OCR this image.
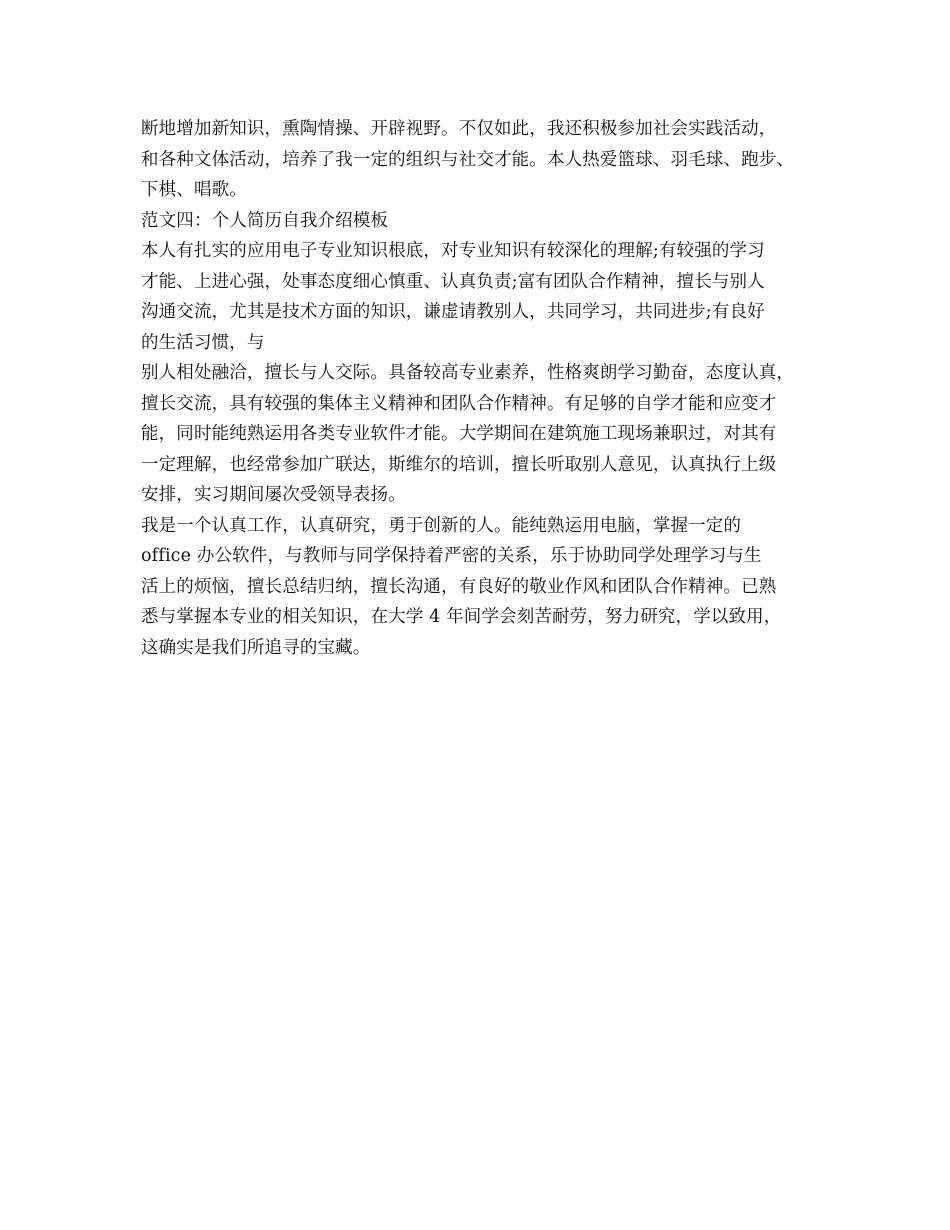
断地增加新知识，熏陶情操、开辟视野。不仅如此，我还积极参加社会实践活动，
和各种文体活动，培养了我一定的组织与社交才能。本人热爱篮球、羽毛球、跑步、
下棋、唱歌。
范文四：个人简历自我介绍模板
本人有扎实的应用电子专业知识根底，对专业知识有较深化的理解;有较强的学习
才能、上进心强，处事态度细心慎重、认真负责;富有团队合作精神，擅长与别人
沟通交流，尤其是技术方面的知识，谦虚请教别人，共同学习，共同进步;有良好
的生活习惯，与
别人相处融洽，擅长与人交际。具备较高专业素养，性格爽朗学习勤奋，态度认真，
擅长交流，具有较强的集体主义精神和团队合作精神。有足够的自学才能和应变才
能，同时能纯熟运用各类专业软件才能。大学期间在建筑施工现场兼职过，对其有
一定理解，也经常参加广联达，斯维尔的培训，擅长听取别人意见，认真执行上级
安排，实习期间屡次受领导表扬。
我是一个认真工作，认真研究，勇于创新的人。能纯熟运用电脑，掌握一定的
office 办公软件，与教师与同学保持着严密的关系，乐于协助同学处理学习与生
活上的烦恼，擅长总结归纳，擅长沟通，有良好的敬业作风和团队合作精神。已熟
悉与掌握本专业的相关知识，在大学 4 年间学会刻苦耐劳，努力研究，学以致用，
这确实是我们所追寻的宝藏。
